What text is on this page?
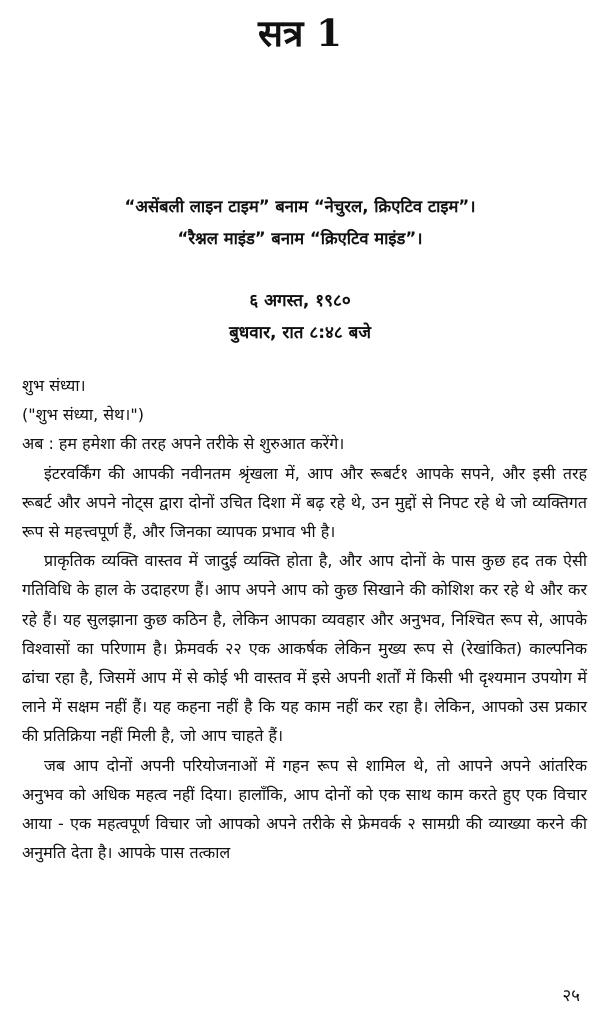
सत्र 1

“असेंबली लाइन टाइम” बनाम “नेचुरल, क्रिएटिव टाइम”।

“रैश्नल माइंड” बनाम “क्रिएटिव माइंड”।

६ अगस्त, १९८०

बुधवार, रात ८:४८ बजे

शुभ संध्या।

("शुभ संध्या, सेथ।")

अब : हम हमेशा की तरह अपने तरीके से शुरुआत करेंगे।

इंटरवर्किंग की आपकी नवीनतम श्रृंखला में, आप और रूबर्ट१ आपके सपने, और इसी तरह रूबर्ट और अपने नोट्स द्वारा दोनों उचित दिशा में बढ़ रहे थे, उन मुद्दों से निपट रहे थे जो व्यक्तिगत रूप से महत्त्वपूर्ण हैं, और जिनका व्यापक प्रभाव भी है।

प्राकृतिक व्यक्ति वास्तव में जादुई व्यक्ति होता है, और आप दोनों के पास कुछ हद तक ऐसी गतिविधि के हाल के उदाहरण हैं। आप अपने आप को कुछ सिखाने की कोशिश कर रहे थे और कर रहे हैं। यह सुलझाना कुछ कठिन है, लेकिन आपका व्यवहार और अनुभव, निश्चित रूप से, आपके विश्वासों का परिणाम है। फ्रेमवर्क २२ एक आकर्षक लेकिन मुख्य रूप से (रेखांकित) काल्पनिक ढांचा रहा है, जिसमें आप में से कोई भी वास्तव में इसे अपनी शर्तों में किसी भी दृश्यमान उपयोग में लाने में सक्षम नहीं हैं। यह कहना नहीं है कि यह काम नहीं कर रहा है। लेकिन, आपको उस प्रकार की प्रतिक्रिया नहीं मिली है, जो आप चाहते हैं।

जब आप दोनों अपनी परियोजनाओं में गहन रूप से शामिल थे, तो आपने अपने आंतरिक अनुभव को अधिक महत्व नहीं दिया। हालाँकि, आप दोनों को एक साथ काम करते हुए एक विचार आया - एक महत्वपूर्ण विचार जो आपको अपने तरीके से फ्रेमवर्क २ सामग्री की व्याख्या करने की अनुमति देता है। आपके पास तत्काल

२५
